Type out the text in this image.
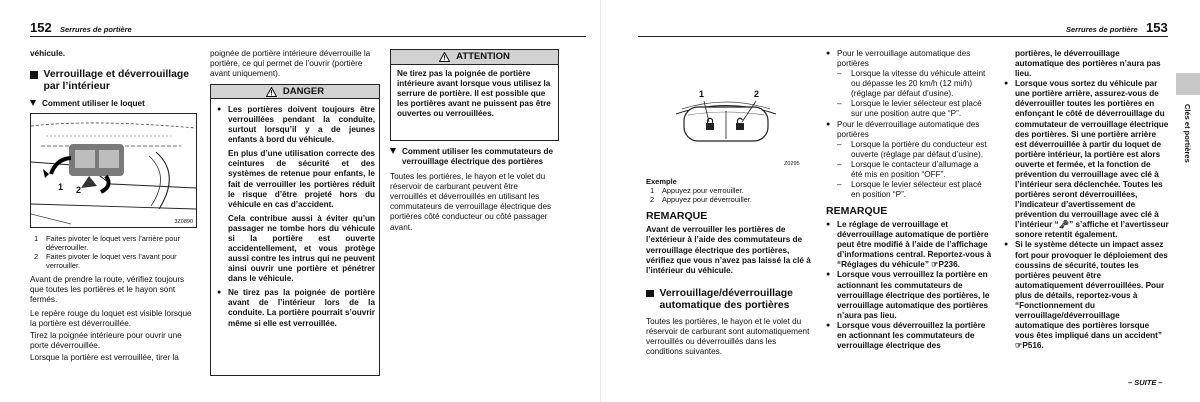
152 Serrures de portière

véhicule.

Verrouillage et déverrouillage par l’intérieur
Comment utiliser le loquet
1 2
3Z0890
1	Faites pivoter le loquet vers l’arrière pour déverrouiller.
2	Faites pivoter le loquet vers l’avant pour verrouiller.

Avant de prendre la route, vérifiez toujours que toutes les portières et le hayon sont fermés.

Le repère rouge du loquet est visible lorsque la portière est déverrouillée.

Tirez la poignée intérieure pour ouvrir une porte déverrouillée.

Lorsque la portière est verrouillée, tirer la

poignée de portière intérieure déverrouille la portière, ce qui permet de l’ouvrir (portière avant uniquement).

DANGER
● Les portières doivent toujours être verrouillées pendant la conduite, surtout lorsqu’il y a de jeunes enfants à bord du véhicule.

En plus d’une utilisation correcte des ceintures de sécurité et des systèmes de retenue pour enfants, le fait de verrouiller les portières réduit le risque d’être projeté hors du véhicule en cas d’accident.

Cela contribue aussi à éviter qu’un passager ne tombe hors du véhicule si la portière est ouverte accidentellement, et vous protège aussi contre les intrus qui ne peuvent ainsi ouvrir une portière et pénétrer dans le véhicule.

● Ne tirez pas la poignée de portière avant de l’intérieur lors de la conduite. La portière pourrait s’ouvrir même si elle est verrouillée.
ATTENTION

Ne tirez pas la poignée de portière intérieure avant lorsque vous utilisez la serrure de portière. Il est possible que les portières avant ne puissent pas être ouvertes ou verrouillées.

Comment utiliser les commutateurs de verrouillage électrique des portières

Toutes les portières, le hayon et le volet du réservoir de carburant peuvent être verrouillés et déverrouillés en utilisant les commutateurs de verrouillage électrique des portières côté conducteur ou côté passager avant.

Serrures de portière 153
Clés et portières
1	2
Z0295

Exemple

1	Appuyez pour verrouiller.
2	Appuyez pour déverrouiller.

REMARQUE

Avant de verrouiller les portières de l’extérieur à l’aide des commutateurs de verrouillage électrique des portières, vérifiez que vous n’avez pas laissé la clé à l’intérieur du véhicule.

Verrouillage/déverrouillage automatique des portières

Toutes les portières, le hayon et le volet du réservoir de carburant sont automatiquement verrouillés ou déverrouillés dans les conditions suivantes.

● Pour le verrouillage automatique des portières
–	Lorsque la vitesse du véhicule atteint ou dépasse les 20 km/h (12 mi/h) (réglage par défaut d’usine).
–	Lorsque le levier sélecteur est placé sur une position autre que “P”.
● Pour le déverrouillage automatique des portières
–	Lorsque la portière du conducteur est ouverte (réglage par défaut d’usine).
–	Lorsque le contacteur d’allumage a été mis en position “OFF”.
–	Lorsque le levier sélecteur est placé en position “P”.

REMARQUE

● Le réglage de verrouillage et déverrouillage automatique de portière peut être modifié à l’aide de l’affichage d’informations central. Reportez-vous à “Réglages du véhicule” ☞P236.
● Lorsque vous verrouillez la portière en actionnant les commutateurs de verrouillage électrique des portières, le verrouillage automatique des portières n’aura pas lieu.
● Lorsque vous déverrouillez la portière en actionnant les commutateurs de verrouillage électrique des

portières, le déverrouillage automatique des portières n’aura pas lieu.

● Lorsque vous sortez du véhicule par une portière arrière, assurez-vous de déverrouiller toutes les portières en enfonçant le côté de déverrouillage du commutateur de verrouillage électrique des portières. Si une portière arrière est déverrouillée à partir du loquet de portière intérieur, la portière est alors ouverte et fermée, et la fonction de prévention du verrouillage avec clé à l’intérieur sera déclenchée. Toutes les portières seront déverrouillées, l’indicateur d’avertissement de prévention du verrouillage avec clé à l’intérieur “🗝” s’affiche et l’avertisseur sonore retentit également.
● Si le système détecte un impact assez fort pour provoquer le déploiement des coussins de sécurité, toutes les portières peuvent être automatiquement déverrouillées. Pour plus de détails, reportez-vous à “Fonctionnement du verrouillage/déverrouillage automatique des portières lorsque vous êtes impliqué dans un accident” ☞P516.
– SUITE –
